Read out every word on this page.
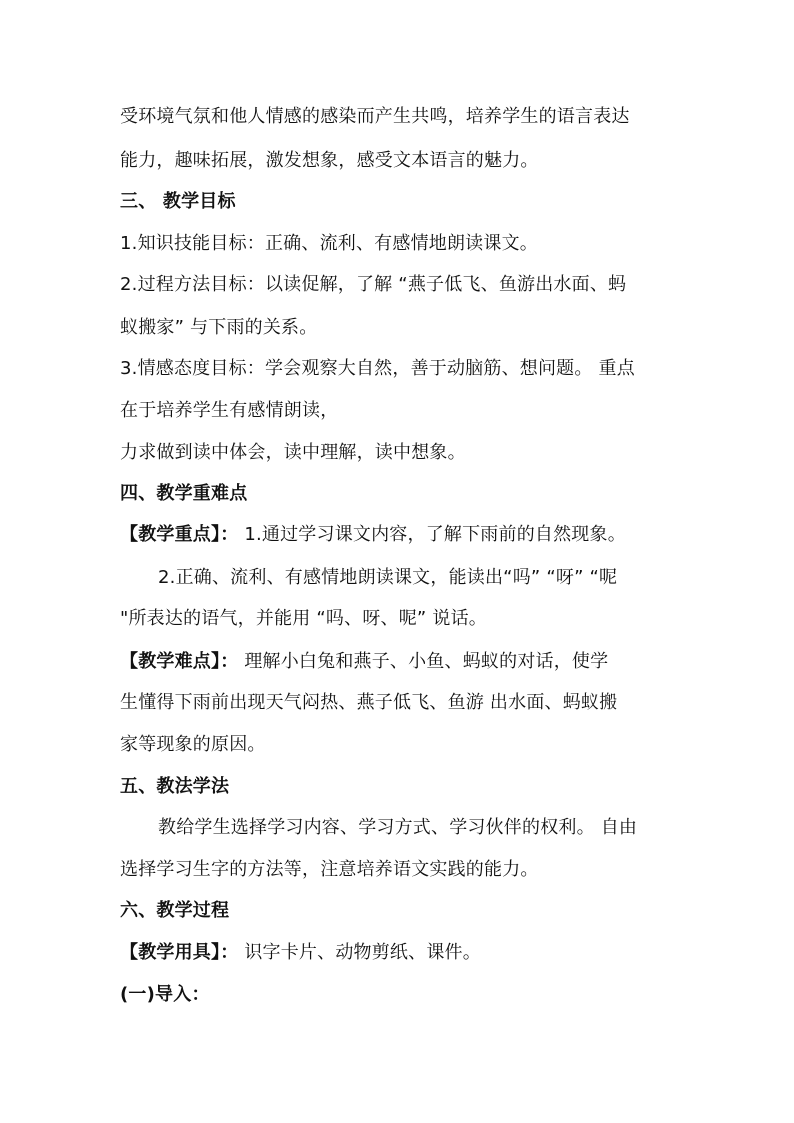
受环境气氛和他人情感的感染而产生共鸣，培养学生的语言表达
能力，趣味拓展，激发想象，感受文本语言的魅力。
三、 教学目标
1.知识技能目标：正确、流利、有感情地朗读课文。
2.过程方法目标：以读促解，了解 “燕子低飞、鱼游出水面、蚂
蚁搬家” 与下雨的关系。
3.情感态度目标：学会观察大自然，善于动脑筋、想问题。 重点
在于培养学生有感情朗读，
力求做到读中体会，读中理解，读中想象。
四、教学重难点
【教学重点】： 1.通过学习课文内容，了解下雨前的自然现象。
2.正确、流利、有感情地朗读课文，能读出“吗” “呀” “呢
"所表达的语气，并能用 “吗、呀、呢” 说话。
【教学难点】： 理解小白兔和燕子、小鱼、蚂蚁的对话，使学
生懂得下雨前出现天气闷热、燕子低飞、鱼游 出水面、蚂蚁搬
家等现象的原因。
五、教法学法
教给学生选择学习内容、学习方式、学习伙伴的权利。 自由
选择学习生字的方法等，注意培养语文实践的能力。
六、教学过程
【教学用具】： 识字卡片、动物剪纸、课件。
(一)导入：
